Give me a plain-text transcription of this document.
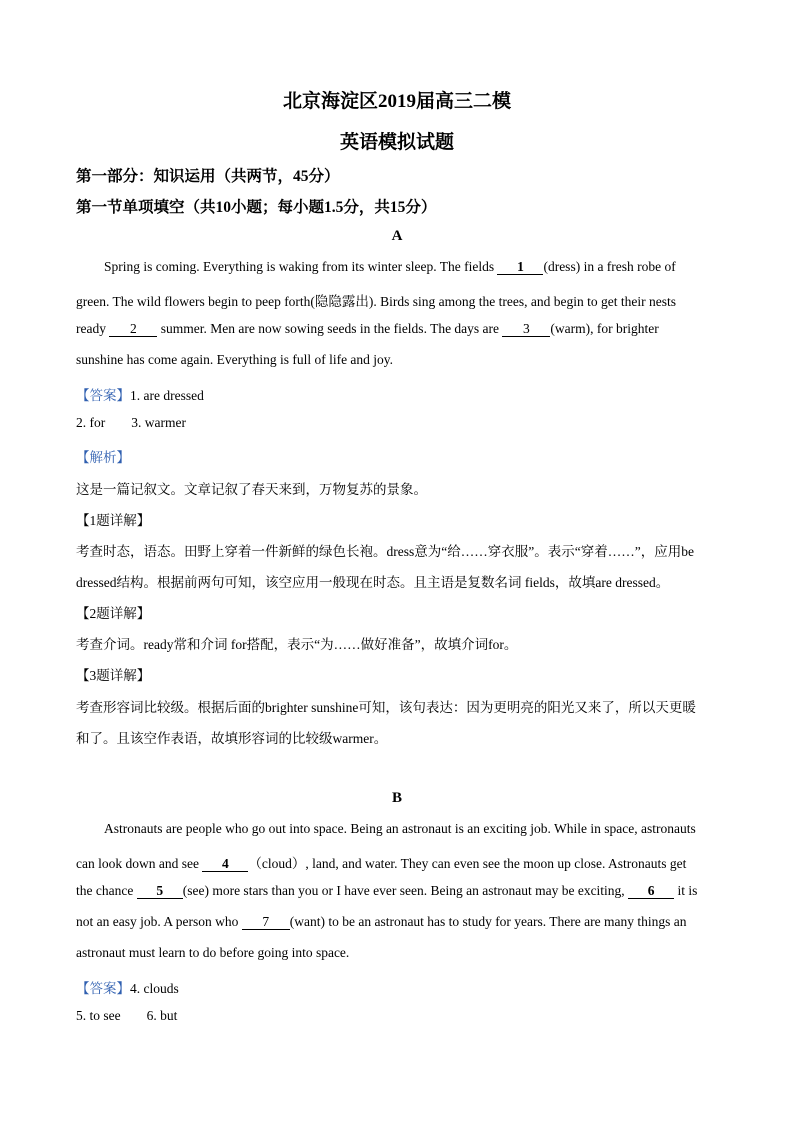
北京海淀区2019届高三二模
英语模拟试题
第一部分：知识运用（共两节，45分）
第一节单项填空（共10小题；每小题1.5分，共15分）
A
Spring is coming. Everything is waking from its winter sleep. The fields 1 (dress) in a fresh robe of
green. The wild flowers begin to peep forth(隐隐露出). Birds sing among the trees, and begin to get their nests
ready 2 summer. Men are now sowing seeds in the fields. The days are 3 (warm), for brighter
sunshine has come again. Everything is full of life and joy.
【答案】1. are dressed
2. for 3. warmer
【解析】
这是一篇记叙文。文章记叙了春天来到，万物复苏的景象。
【1题详解】
考查时态，语态。田野上穿着一件新鲜的绿色长袍。dress意为“给……穿衣服”。表示“穿着……”，应用be
dressed结构。根据前两句可知，该空应用一般现在时态。且主语是复数名词 fields，故填are dressed。
【2题详解】
考查介词。ready常和介词 for搭配，表示“为……做好准备”，故填介词for。
【3题详解】
考查形容词比较级。根据后面的brighter sunshine可知，该句表达：因为更明亮的阳光又来了，所以天更暖
和了。且该空作表语，故填形容词的比较级warmer。
B
Astronauts are people who go out into space. Being an astronaut is an exciting job. While in space, astronauts
can look down and see 4 （cloud）, land, and water. They can even see the moon up close. Astronauts get
the chance 5 (see) more stars than you or I have ever seen. Being an astronaut may be exciting, 6 it is
not an easy job. A person who 7 (want) to be an astronaut has to study for years. There are many things an
astronaut must learn to do before going into space.
【答案】4. clouds
5. to see 6. but
